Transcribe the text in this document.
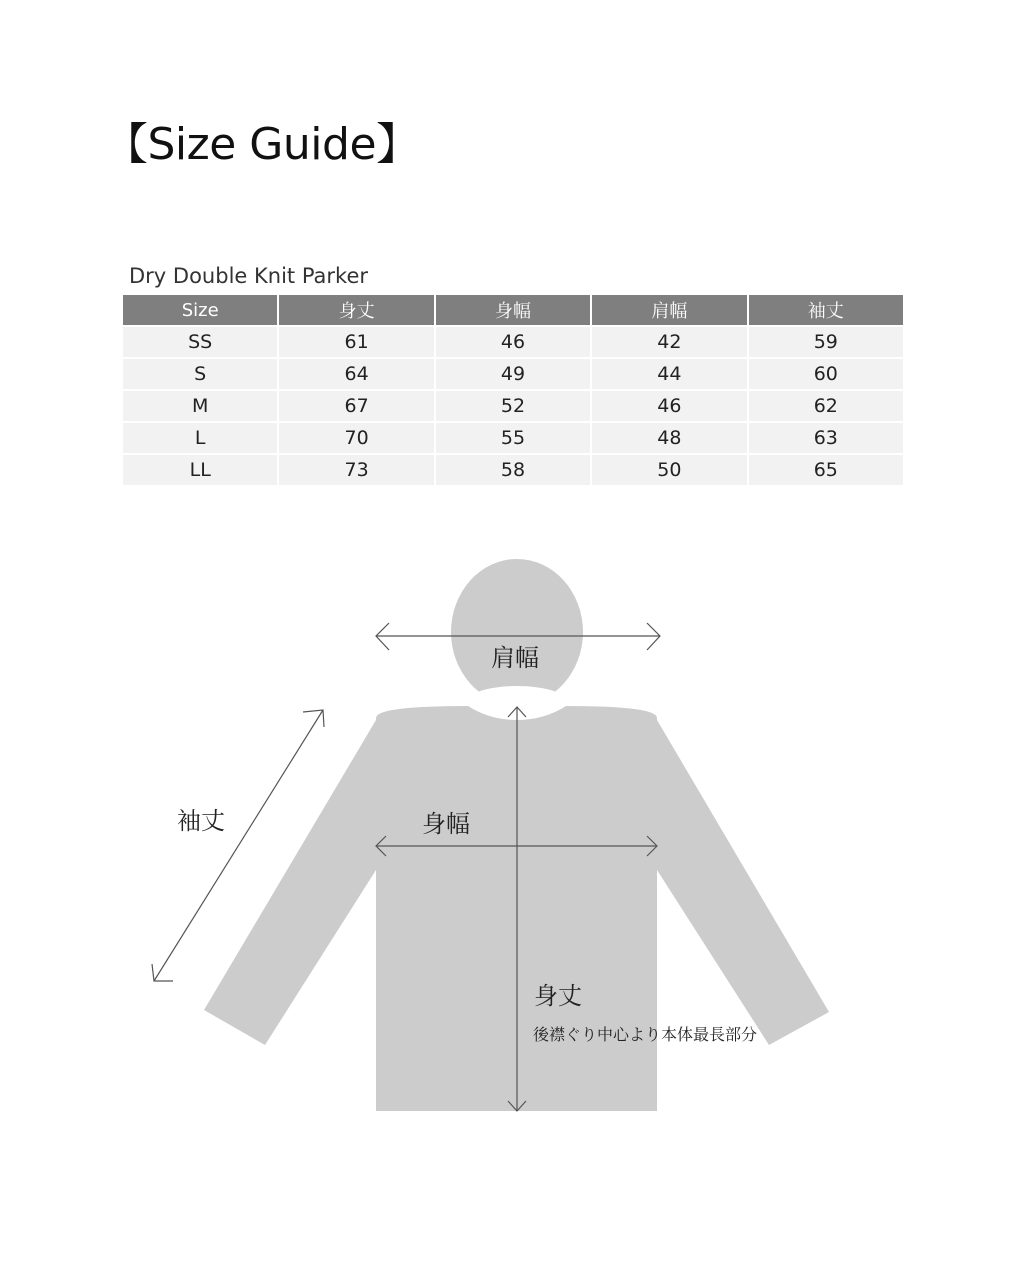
【Size Guide】
Dry Double Knit Parker
Size	身丈	身幅	肩幅	袖丈
SS	61	46	42	59
S	64	49	44	60
M	67	52	46	62
L	70	55	48	63
LL	73	58	50	65
肩幅
袖丈	身幅
身丈
後襟ぐり中心より本体最長部分
